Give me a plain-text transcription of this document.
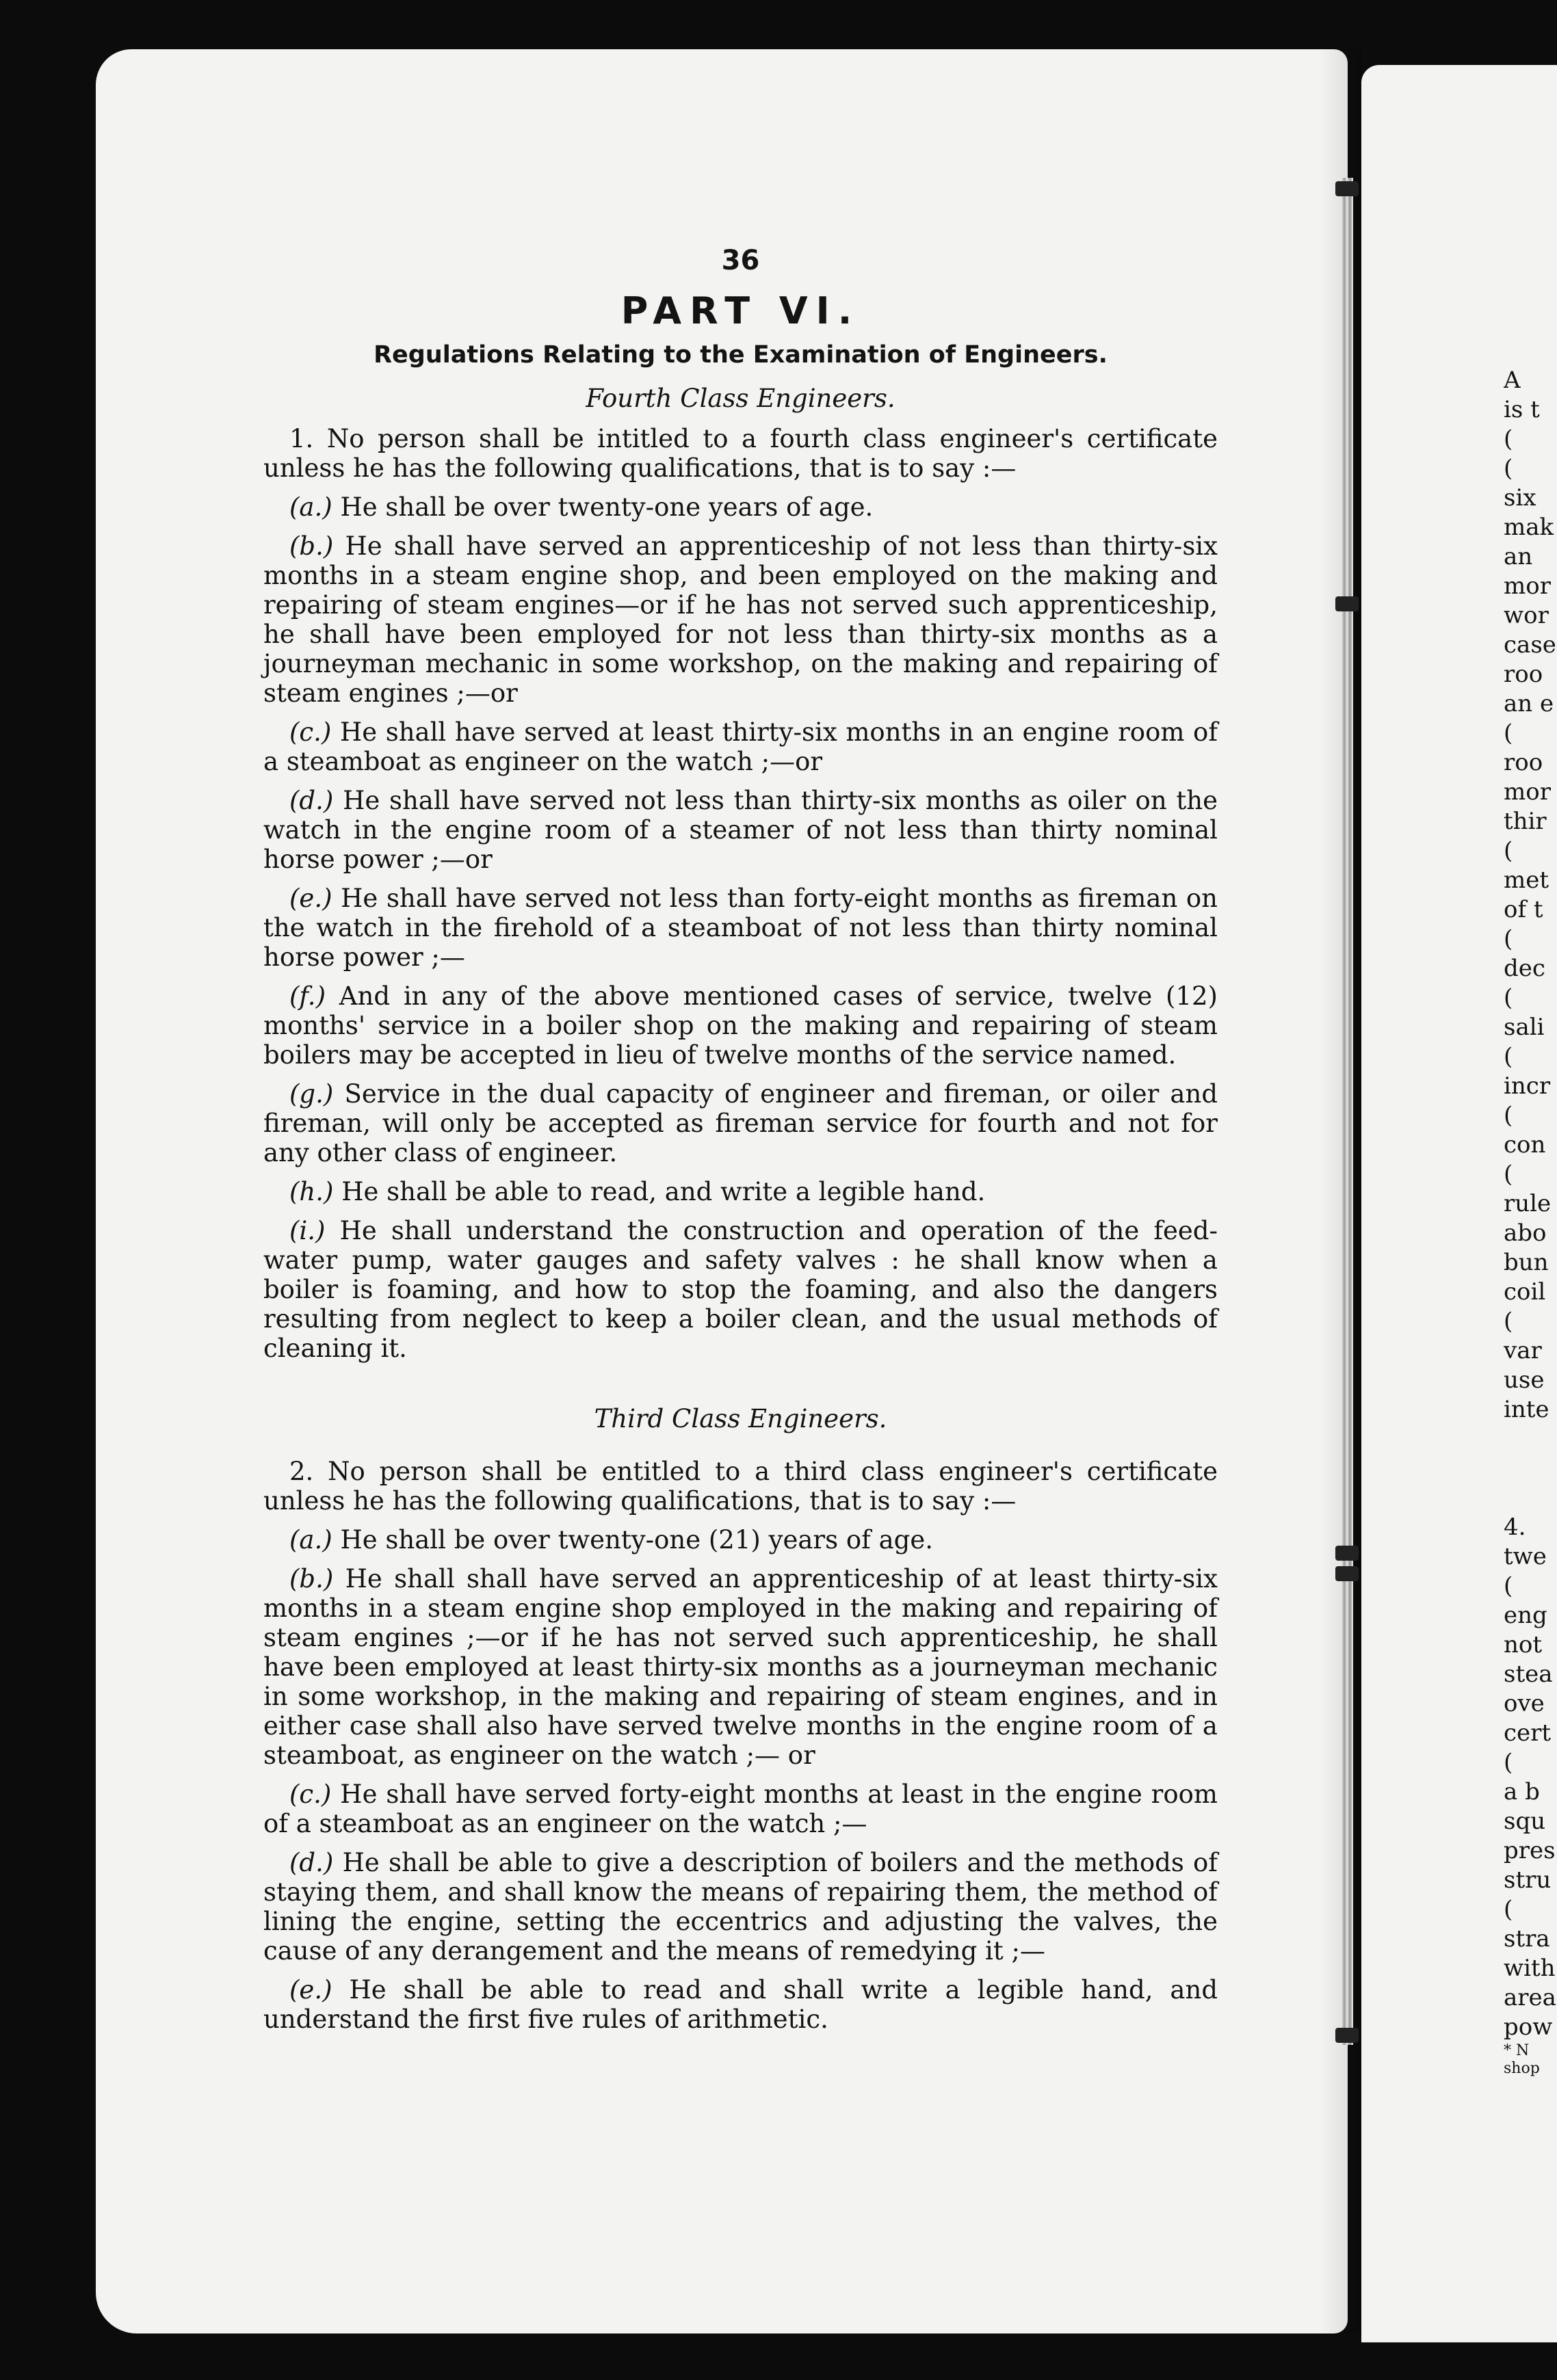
36
PART VI.
Regulations Relating to the Examination of Engineers.
Fourth Class Engineers.

1. No person shall be intitled to a fourth class engineer's certificate unless he has the following qualifications, that is to say :—

(a.) He shall be over twenty-one years of age.

(b.) He shall have served an apprenticeship of not less than thirty-six months in a steam engine shop, and been employed on the making and repairing of steam engines—or if he has not served such apprenticeship, he shall have been employed for not less than thirty-six months as a journeyman mechanic in some workshop, on the making and repairing of steam engines ;—or

(c.) He shall have served at least thirty-six months in an engine room of a steamboat as engineer on the watch ;—or

(d.) He shall have served not less than thirty-six months as oiler on the watch in the engine room of a steamer of not less than thirty nominal horse power ;—or

(e.) He shall have served not less than forty-eight months as fireman on the watch in the firehold of a steamboat of not less than thirty nominal horse power ;—

(f.) And in any of the above mentioned cases of service, twelve (12) months' service in a boiler shop on the making and repairing of steam boilers may be accepted in lieu of twelve months of the service named.

(g.) Service in the dual capacity of engineer and fireman, or oiler and fireman, will only be accepted as fireman service for fourth and not for any other class of engineer.

(h.) He shall be able to read, and write a legible hand.

(i.) He shall understand the construction and operation of the feed-water pump, water gauges and safety valves : he shall know when a boiler is foaming, and how to stop the foaming, and also the dangers resulting from neglect to keep a boiler clean, and the usual methods of cleaning it.

Third Class Engineers.

2. No person shall be entitled to a third class engineer's certificate unless he has the following qualifications, that is to say :—

(a.) He shall be over twenty-one (21) years of age.

(b.) He shall shall have served an apprenticeship of at least thirty-six months in a steam engine shop employed in the making and repairing of steam engines ;—or if he has not served such apprenticeship, he shall have been employed at least thirty-six months as a journeyman mechanic in some workshop, in the making and repairing of steam engines, and in either case shall also have served twelve months in the engine room of a steamboat, as engineer on the watch ;— or

(c.) He shall have served forty-eight months at least in the engine room of a steamboat as an engineer on the watch ;—

(d.) He shall be able to give a description of boilers and the methods of staying them, and shall know the means of repairing them, the method of lining the engine, setting the eccentrics and adjusting the valves, the cause of any derangement and the means of remedying it ;—

(e.) He shall be able to read and shall write a legible hand, and understand the first five rules of arithmetic.

A
is t
(
(
six
mak
an
mor
wor
case
roo
an e
(
roo
mor
thir
(
met
of t
(
dec
(
sali
(
incr
(
con
(
rule
abo
bun
coil
(
var
use
inte
4.
twe
(
eng
not
stea
ove
cert
(
a b
squ
pres
stru
(
stra
with
area
pow
* N
shop
